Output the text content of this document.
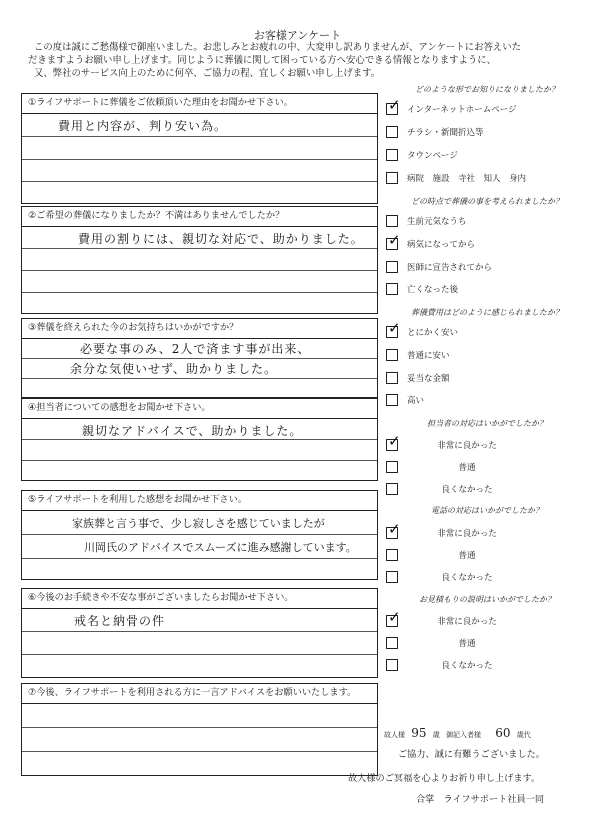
お客様アンケート
この度は誠にご愁傷様で御座いました。お悲しみとお疲れの中、大変申し訳ありませんが、アンケートにお答えいた
だきますようお願い申し上げます。同じように葬儀に関して困っている方へ安心できる情報となりますように、
又、弊社のサービス向上のために何卒、ご協力の程、宜しくお願い申し上げます。
①ライフサポートに葬儀をご依頼頂いた理由をお聞かせ下さい。
費用と内容が、判り安い為。
②ご希望の葬儀になりましたか？不満はありませんでしたか？
費用の割りには、親切な対応で、助かりました。
③葬儀を終えられた今のお気持ちはいかがですか？
必要な事のみ、2人で済ます事が出来、
余分な気使いせず、助かりました。
④担当者についての感想をお聞かせ下さい。
親切なアドバイスで、助かりました。
⑤ライフサポートを利用した感想をお聞かせ下さい。
家族葬と言う事で、少し寂しさを感じていましたが
川岡氏のアドバイスでスムーズに進み感謝しています。
⑥今後のお手続きや不安な事がございましたらお聞かせ下さい。
戒名と納骨の件
⑦今後、ライフサポートを利用される方に一言アドバイスをお願いいたします。
どのような形でお知りになりましたか？
✓ インターネットホームページ
チラシ・新聞折込等
タウンページ
病院　施設　寺社　知人　身内
どの時点で葬儀の事を考えられましたか？
生前元気なうち
✓ 病気になってから
医師に宣告されてから
亡くなった後
葬儀費用はどのように感じられましたか？
✓ とにかく安い
普通に安い
妥当な金額
高い
担当者の対応はいかがでしたか？
✓	非常に良かった
普通
良くなかった
電話の対応はいかがでしたか？
✓	非常に良かった
普通
良くなかった
お見積もりの説明はいかがでしたか？
✓	非常に良かった
普通
良くなかった
故人様 95 歳 御記入者様 60 歳代
ご協力、誠に有難うございました。
故人様のご冥福を心よりお祈り申し上げます。
合掌　ライフサポート社員一同
